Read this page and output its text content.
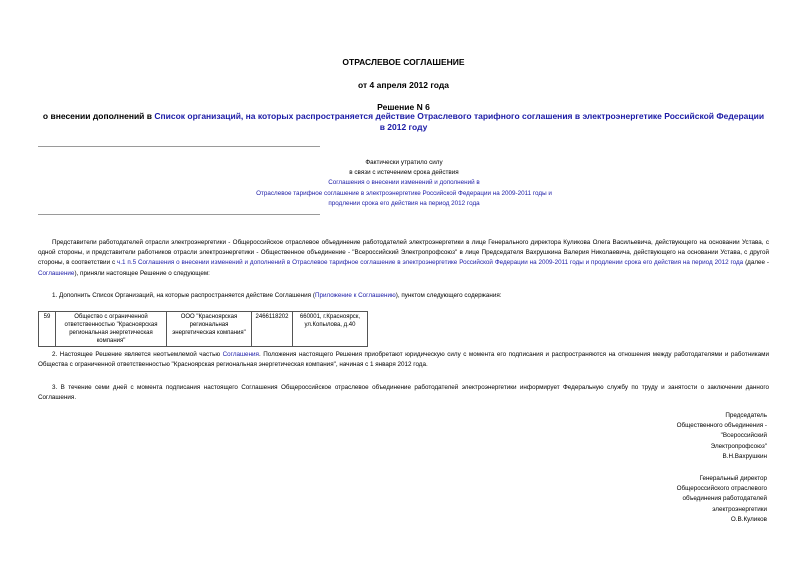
ОТРАСЛЕВОЕ СОГЛАШЕНИЕ
от 4 апреля 2012 года
Решение N 6
о внесении дополнений в Список организаций, на которых распространяется действие Отраслевого тарифного соглашения в электроэнергетике Российской Федерации в 2012 году
Фактически утратило силу
в связи с истечением срока действия
Соглашения о внесении изменений и дополнений в
Отраслевое тарифное соглашение в электроэнергетике Российской Федерации на 2009-2011 годы и
продлении срока его действия на период 2012 года
Представители работодателей отрасли электроэнергетики - Общероссийское отраслевое объединение работодателей электроэнергетики в лице Генерального директора Куликова Олега Васильевича, действующего на основании Устава, с одной стороны, и представители работников отрасли электроэнергетики - Общественное объединение - "Всероссийский Электропрофсоюз" в лице Председателя Вахрушкина Валерия Николаевича, действующего на основании Устава, с другой стороны, в соответствии с ч.1 п.5 Соглашения о внесении изменений и дополнений в Отраслевое тарифное соглашение в электроэнергетике Российской Федерации на 2009-2011 годы и продлении срока его действия на период 2012 года (далее - Соглашение), приняли настоящее Решение о следующем:
1. Дополнить Список Организаций, на которые распространяется действие Соглашения (Приложение к Соглашению), пунктом следующего содержания:
59	Общество с ограниченной ответственностью "Красноярская региональная энергетическая компания"	ООО "Красноярская региональная энергетическая компания"	2466118202	660001, г.Красноярск, ул.Копылова, д.40
2. Настоящее Решение является неотъемлемой частью Соглашения. Положения настоящего Решения приобретают юридическую силу с момента его подписания и распространяются на отношения между работодателями и работниками Общества с ограниченной ответственностью "Красноярская региональная энергетическая компания", начиная с 1 января 2012 года.
3. В течение семи дней с момента подписания настоящего Соглашения Общероссийское отраслевое объединение работодателей электроэнергетики информирует Федеральную службу по труду и занятости о заключении данного Соглашения.
Председатель
Общественного объединения -
"Всероссийский
Электропрофсоюз"
В.Н.Вахрушкин
Генеральный директор
Общероссийского отраслевого
объединения работодателей
электроэнергетики
О.В.Куликов
